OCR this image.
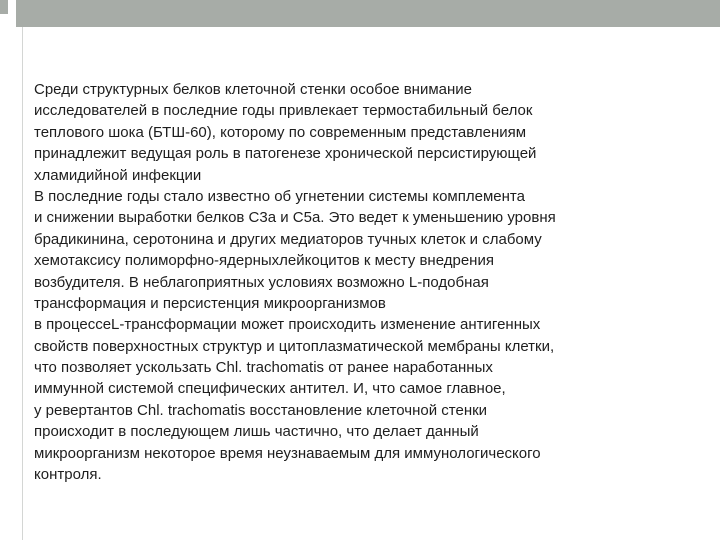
Среди структурных белков клеточной стенки особое внимание
исследователей в последние годы привлекает термостабильный белок
теплового шока (БТШ-60), которому по современным представлениям
принадлежит ведущая роль в патогенезе хронической персистирующей
хламидийной инфекции
В последние годы стало известно об угнетении системы комплемента
и снижении выработки белков C3a и C5a. Это ведет к уменьшению уровня
брадикинина, серотонина и других медиаторов тучных клеток и слабому
хемотаксису полиморфно-ядерныхлейкоцитов к месту внедрения
возбудителя. В неблагоприятных условиях возможно L-подобная
трансформация и персистенция микроорганизмов
в процессеL-трансформации может происходить изменение антигенных
свойств поверхностных структур и цитоплазматической мембраны клетки,
что позволяет ускользать Chl. trachomatis от ранее наработанных
иммунной системой специфических антител. И, что самое главное,
у ревертантов Chl. trachomatis восстановление клеточной стенки
происходит в последующем лишь частично, что делает данный
микроорганизм некоторое время неузнаваемым для иммунологического
контроля.
